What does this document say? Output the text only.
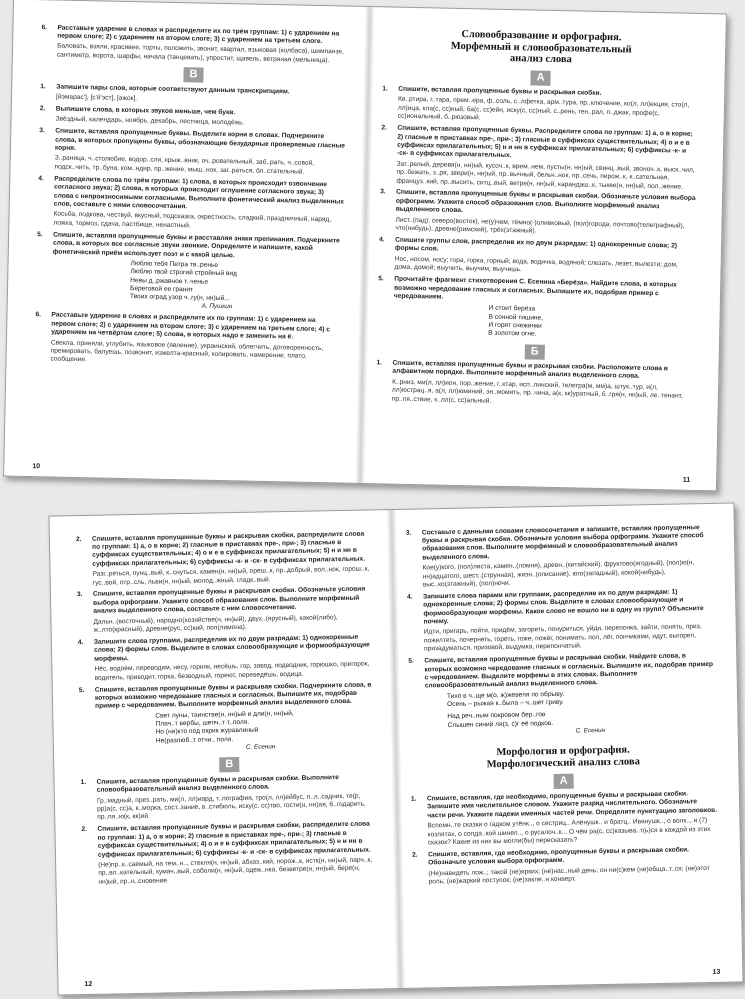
6.	Расставьте ударение в словах и распределите их по трём группам: 1) с ударением на первом слоге; 2) с ударением на втором слоге; 3) с ударением на третьем слоге.
Баловать, взяли, красивее, торты, положить, звонит, квартал, языковая (колбаса), шимпанзе, сантиметр, ворота, шарфы, начала (танцевать), упростит, щавель, ветряная (мельница).
В
1.	Запишите пары слов, которые соответствуют данным транскрипциям.
[йэмарас'], [с'й'эст], [ажок].
2.	Выпишите слова, в которых звуков меньше, чем букв.
Звёздный, календарь, ноябрь, декабрь, лестница, молодёжь.
3.	Спишите, вставляя пропущенные буквы. Выделите корни в словах. Подчеркните слова, в которых пропущены буквы, обозначающие безударные проверяемые гласные корня.
З..раница, ч..столюбие, водор..сли, крыж..вник, оч..ровательный, заб..рать, ч..совой, подск..чить, тр..буна, ком..ндир, пр..жение, мыш..нок, заг..раться, бл..стательный.
4.	Распределите слова по трём группам: 1) слова, в которых происходит озвончение согласного звука; 2) слова, в которых происходит оглушение согласного звука; 3) слова с непроизносимыми согласными. Выполните фонетический анализ выделенных слов, составьте с ними словосочетания.
Косьба, подкова, чествуй, вкусный, подсказка, окрестность, сладкий, праздничный, наряд, ложка, тормоз, сдача, пастбище, ненастный.
5.	Спишите, вставляя пропущенные буквы и расставляя знаки препинания. Подчеркните слова, в которых все согласные звуки звонкие. Определите и напишите, какой фонетический приём использует поэт и с какой целью.
Люблю тебя Петра тв..ренье
Люблю твой строгий стройный вид
Невы д..ржавное т..ченье
Береговой ее гранит
Твоих оград узор ч..гу(н, нн)ый...
А. Пушкин
6.	Расставьте ударение в словах и распределите их по группам: 1) с ударением на первом слоге; 2) с ударением на втором слоге; 3) с ударением на третьем слоге; 4) с ударением на четвёртом слоге; 5) слова, в которых надо е заменить на ё.
Свекла, приняли, углубить, языковое (явление), украинский, облегчить, договоренность, премировать, балуешь, позвонит, изжелта-красный, копировать, намерение, плато, сообщение.
10
Словообразование и орфография.
Морфемный и словообразовательный
анализ слова
А
1.	Спишите, вставляя пропущенные буквы и раскрывая скобки.
Кв..ртира, г..тара, прем..ера, ф..соль, с..лфетка, арм..тура, пр..ключение, ко(л, лл)екция, сто(л, лл)ица, кла(с, сс)ный, ба(с, сс)ейн, иску(с, сс)ный, с..рень, ген..рал, п..джак, профе(с, сс)иональный, б..рюзовый.
2.	Спишите, вставляя пропущенные буквы. Распределите слова по группам: 1) а, о в корне; 2) гласные в приставках пре-, при-; 3) гласные в суффиксах существительных; 4) о и е в суффиксах прилагательных; 5) н и нн в суффиксах прилагательных; 6) суффиксы -к- и -ск- в суффиксах прилагательных.
Заг..релый, деревя(н, нн)ый, кусоч..к, врем..нем, пусты(н, нн)ый, свинц..вый, звоноч..к, выск..чил, пр..бежать, з..ря, звери(н, нн)ый, пр..вычный, бельч..нок, пр..сечь, пирож..к, к..сательная, француз..кий, пр..высить, ситц..вый, ветре(н, нн)ый, карандаш..к, тыкве(н, нн)ый, пол..жение.
3.	Спишите, вставляя пропущенные буквы и раскрывая скобки. Обозначьте условия выбора орфограмм. Укажите способ образования слов. Выполните морфемный анализ выделенного слова.
Лист..(пад), северо(восток), не(у)чем, тёмно(-)оливковый, (пол)города, почтово(телеграфный), что(нибудь), древне(римский), трёх(этажный).
4.	Спишите группы слов, распределив их по двум разрядам: 1) однокоренные слова; 2) формы слов.
Нос, носом, носу; гора, горка, горный; вода, водичка, водяной; слезать, лезет, вылезти; дом, дома, домой; выучить, выучим, выучишь.
5.	Прочитайте фрагмент стихотворения С. Есенина «Берёза». Найдите слова, в которых возможно чередование гласных и согласных. Выпишите их, подобрав пример с чередованием.
И стоит берёза
В сонной тишине,
И горят снежинки
В золотом огне.
Б
1.	Спишите, вставляя пропущенные буквы и раскрывая скобки. Расположите слова в алфавитном порядке. Выполните морфемный анализ выделенного слова.
К..рниз, ми(л, лл)ион, пор..жение, г..ктар, исп..линский, телегра(м, мм)а, штук..тур, и(л, лл)юстрац..я, а(л, лл)юминий, эн..момить, пр..чина, а(к, кк)уратный, б..гря(н, нн)ый, ле..тенант, пр..пя..ствие, к..лл(с, сс)альный.
11
2.	Спишите, вставляя пропущенные буквы и раскрывая скобки, распределите слова по группам: 1) а, о в корне; 2) гласные в приставках пре-, при-; 3) гласные в суффиксах существительных; 4) о и е в суффиксах прилагательных; 5) н и нн в суффиксах прилагательных; 6) суффиксы -к- и -ск- в суффиксах прилагательных.
Разг..реться, пунц..вый, к..снуться, камен(н, нн)ый, ореш..к, пр..добрый, вол..нок, горош..к, гус..вой, отр..сль, льви(н, нн)ый, молод..жный, гладк..вый.
3.	Спишите, вставляя пропущенные буквы и раскрывая скобки. Обозначьте условия выбора орфограмм. Укажите способ образования слов. Выполните морфемный анализ выделенного слова, составьте с ним словосочетание.
Дальн..(восточный), народно(хозяйстве(н, нн)ый), двух..(ярусный), какой(либо), ж..лто(красный), древне(рус, сс)кий, пол(лимона).
4.	Запишите слова группами, распределив их по двум разрядам: 1) однокоренные слова; 2) формы слов. Выделите в словах словообразующие и формообразующие морфемы.
Нёс, водоём, переводим, несу, горняк, несёшь, гор, завод, подводник, горюшко, пригорок, водитель, приводит, горка, безводный, гореют, переведёшь, водица.
5.	Спишите, вставляя пропущенные буквы и раскрывая скобки. Подчеркните слова, в которых возможно чередование гласных и согласных. Выпишите их, подобрав пример с чередованием. Выполните морфемный анализ выделенного слова.
Свет луны, таинстве(н, нн)ый и дли(н, нн)ый,
Плач..т вербы, шепч..т т..поля.
Но (ни)кто под окрик журавлиный
Не(разлюб..т отчи.. поля.
С. Есенин
В
1.	Спишите, вставляя пропущенные буквы и раскрывая скобки. Выполните словообразовательный анализ выделенного слова.
Гр..мадный, през..рать, ми(л, лл)иард, т..пография, тро(л, лл)ейбус, п..л..садник, те(р, рр)а(с, сс)а, к..морка, сост..зание, в..стибюль, иску(с, сс)тво, гости(н, нн)ая, б..годарить, пр..пя..ю(к, кк)ий.
2.	Спишите, вставляя пропущенные буквы и раскрывая скобки, распределите слова по группам: 1) а, о в корне; 2) гласные в приставках пре-, при-; 3) гласные в суффиксах существительных; 4) о и е в суффиксах прилагательных; 5) н и нн в суффиксах прилагательных; 6) суффиксы -к- и -ск- в суффиксах прилагательных.
(Не)пр..к..саемый, на тем..н.., стекля(н, нн)ый, абхаз..кий, порож..к, истк(н, нн)ый, парч..к, пр..вл..кательный, кумач..вый, соболи(н, нн)ый, одеж..нка, безветре(н, нн)ый, бере(н, нн)ый, пр..н..сновение.
12
3.	Составьте с данными словами словосочетания и запишите, вставляя пропущенные буквы и раскрывая скобки. Обозначьте условия выбора орфограмм. Укажите способ образования слов. Выполните морфемный и словообразовательный анализ выделенного слова.
Кое(у)кого, (пол)листа, камен..(ломня), древн..(китайский), фруктово(ягодный), (пол)ю(н, нн)адцатого, шест..(струнная), жизн..(описание), юго(западный), кокой(нибудь), выс..ко(этажный), (пол)ночи.
4.	Запишите слова парами или группами, распределив их по двум разрядам: 1) однокоренные слова; 2) формы слов. Выделите в словах словообразующие и формообразующие морфемы. Какое слово не вошло ни в одну из групп? Объясните почему.
Идти, пригарь, пойти, придём, загореть, понуриться, уйди, перепонка, зайти, понять, приз, пожелтеть, почернеть, гореть, гоже, пожёг, понимать, пол, лёг, пончиками, идут, выгорел, призадуматься, призовой, выдумка, перепончатый.
5.	Спишите, вставляя пропущенные буквы и раскрывая скобки. Найдите слова, в которых возможно чередование гласных и согласных. Выпишите их, подобрав пример с чередованием. Выделите морфемы в этих словах. Выполните словообразовательный анализ выделенного слова.
Тихо в ч..ще м(о, ж)жевеля по обрыву.
Осень – рыжая к..была – ч..шет гриву.
Над реч..ным покровом бер..гов
Слышен синий ля(з, с)г её подков.
С. Есенин
Морфология и орфография.
Морфологический анализ слова
А
1.	Спишите, вставляя, где необходимо, пропущенные буквы и раскрывая скобки. Запишите имя числительное словом. Укажите разряд числительного. Обозначьте части речи. Укажите падежи именных частей речи. Определите пунктуацию заголовков.
Вспомн..те сказки о гадком утёнк.., о сестриц.. Алёнушк.. и братц.. Иванушк.., о волк.., и (7) козлятах, о солда..кой шинел.., о русалоч..к... О чём ра(с, сс)казыва..т(ь)ся в каждой из этих сказок? Какие из них вы могли(бы) пересказать?
2.	Спишите, вставляя, где необходимо, пропущенные буквы и раскрывая скобки. Обозначьте условия выбора орфограмм.
(Не)навидеть лож..; такой (не)ярких; (не)нас..ный день; он ни(с)кем (не)обща..т..ся; (не)этот роль; (не)жаркий поступок; (не)закле..н конверт.
13
